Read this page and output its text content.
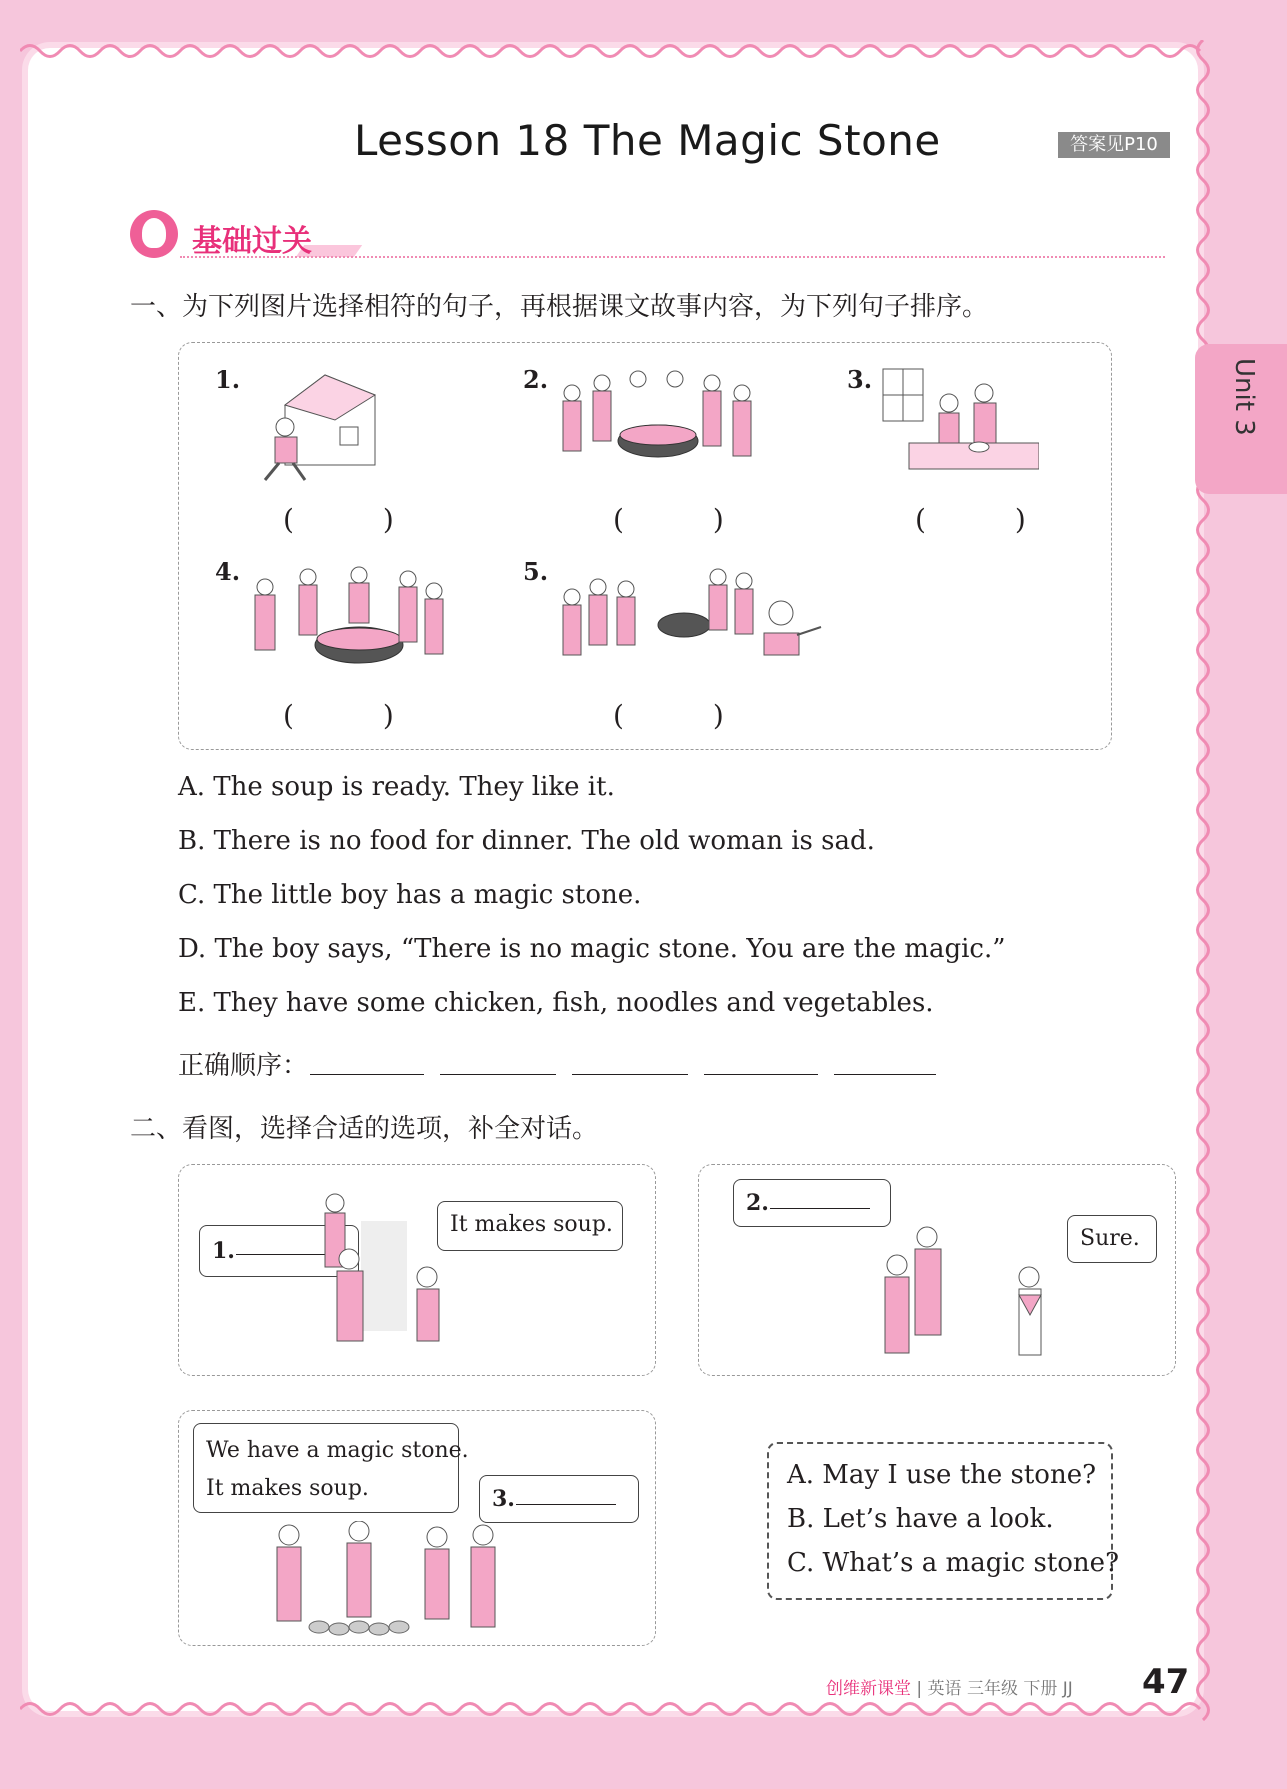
Lesson 18 The Magic Stone	答案见P10
Unit 3
基础过关
一、为下列图片选择相符的句子，再根据课文故事内容，为下列句子排序。
1.
( )
2.
( )
3.
( )
4.
( )
5.
( )
A. The soup is ready. They like it.
B. There is no food for dinner. The old woman is sad.
C. The little boy has a magic stone.
D. The boy says, “There is no magic stone. You are the magic.”
E. They have some chicken, fish, noodles and vegetables.
正确顺序：
二、看图，选择合适的选项，补全对话。
1.
It makes soup.
2.
Sure.
We have a magic stone.
It makes soup.	3.
A. May I use the stone?
B. Let’s have a look.
C. What’s a magic stone?
创维新课堂 | 英语 三年级 下册 JJ 47
